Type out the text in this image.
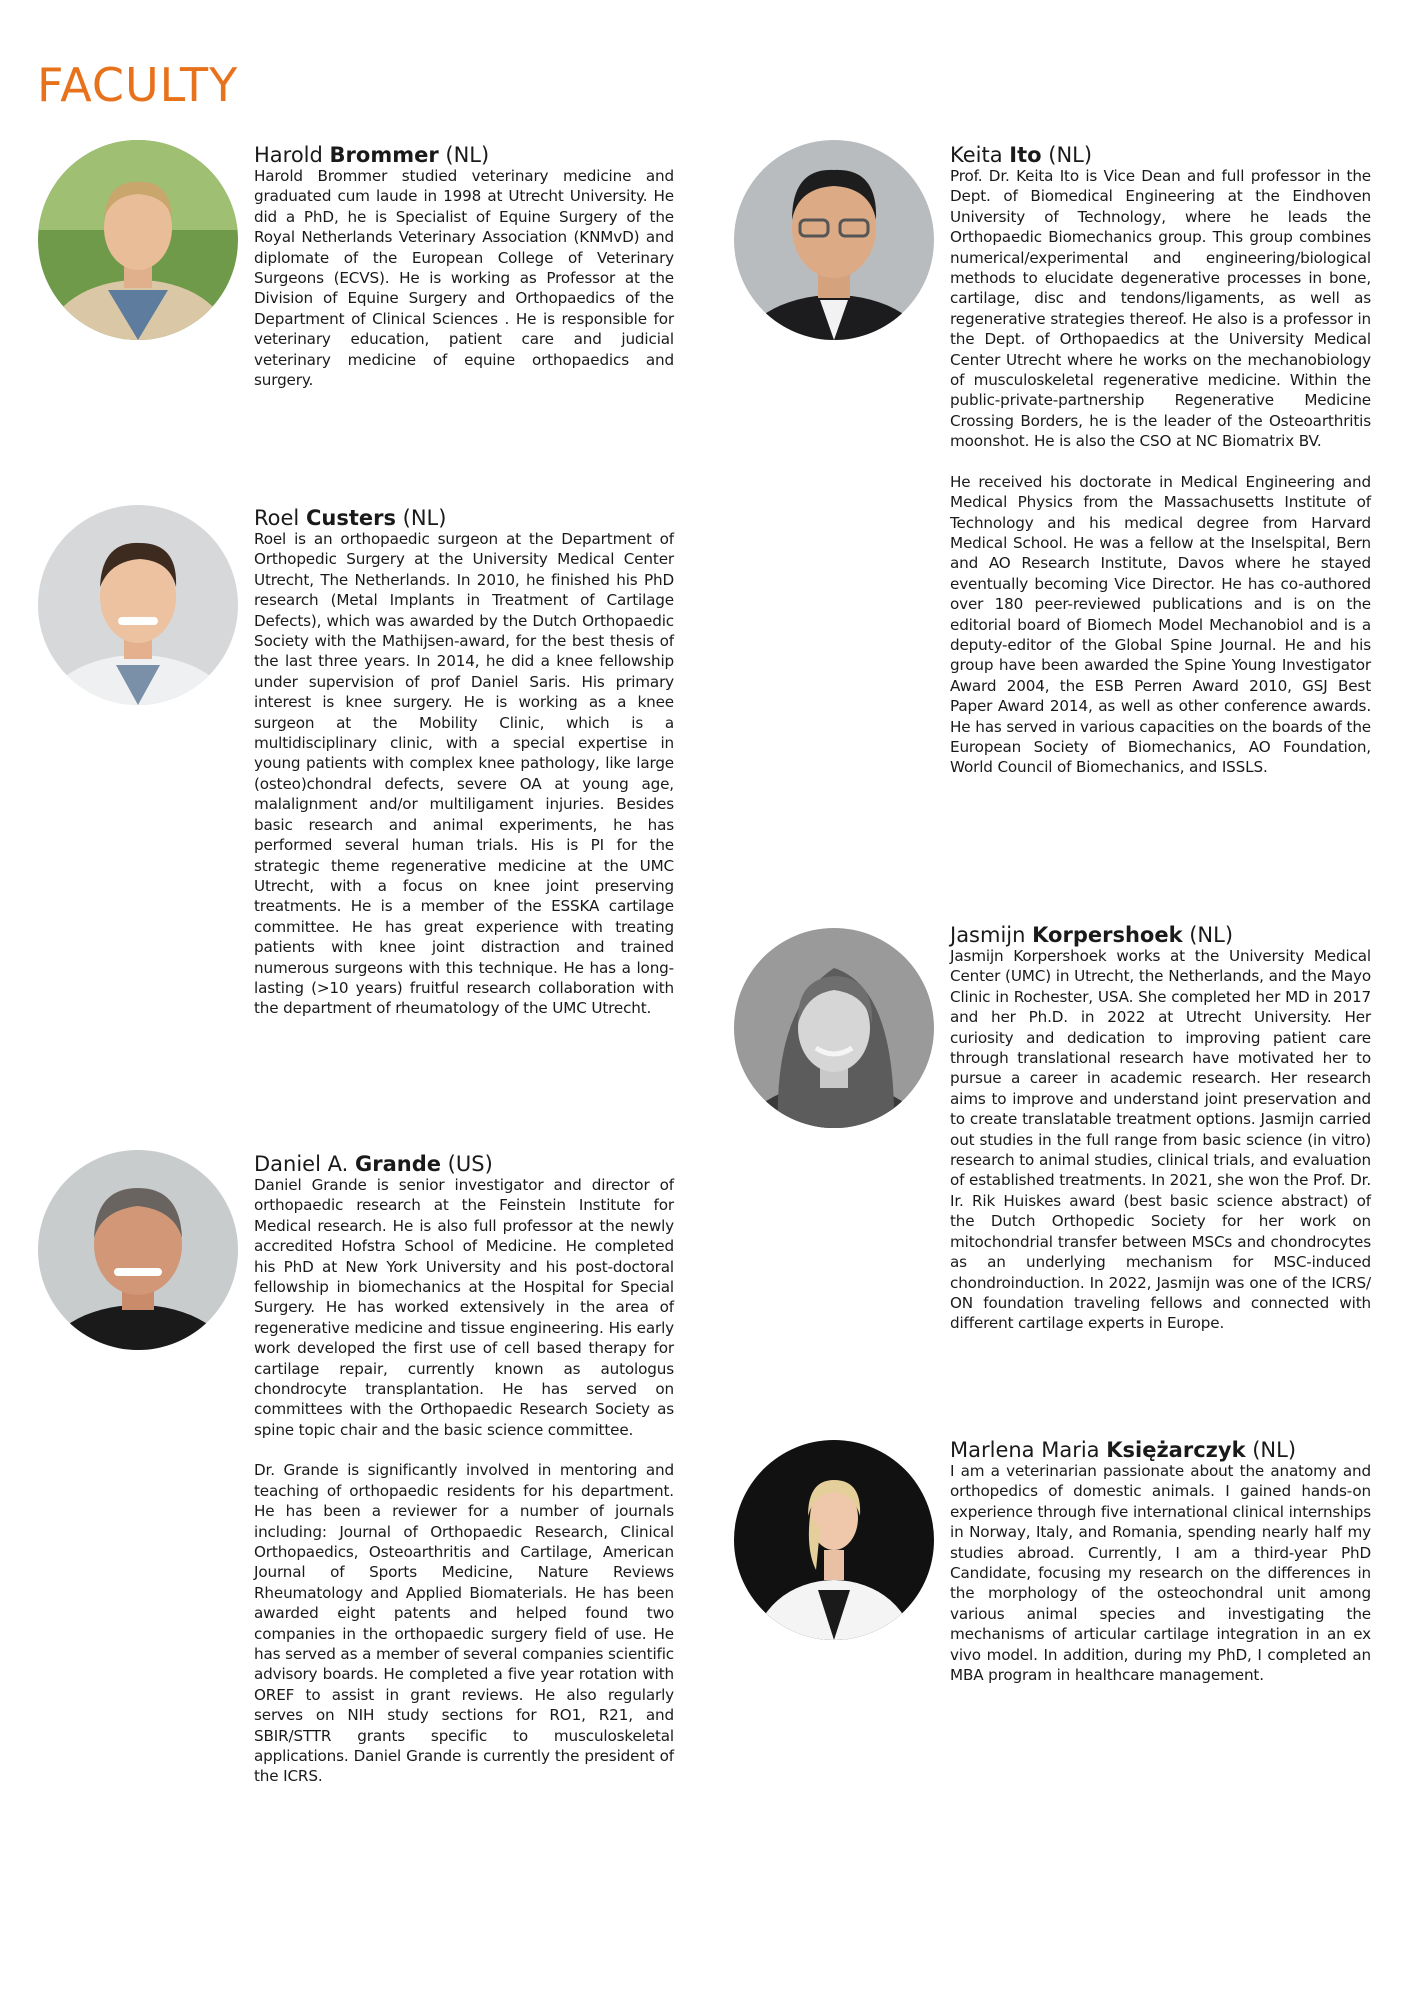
FACULTY

Harold Brommer (NL)

Harold Brommer studied veterinary medicine and graduated cum laude in 1998 at Utrecht University. He did a PhD, he is Specialist of Equine Surgery of the Royal Netherlands Veterinary Association (KNMvD) and diplomate of the European College of Veterinary Surgeons (ECVS). He is working as Professor at the Division of Equine Surgery and Orthopaedics of the Department of Clinical Sciences . He is responsible for veterinary education, patient care and judicial veterinary medicine of equine orthopaedics and surgery.

Roel Custers (NL)

Roel is an orthopaedic surgeon at the Department of Orthopedic Surgery at the University Medical Center Utrecht, The Netherlands. In 2010, he finished his PhD research (Metal Implants in Treatment of Cartilage Defects), which was awarded by the Dutch Orthopaedic Society with the Mathijsen-award, for the best thesis of the last three years. In 2014, he did a knee fellowship under supervision of prof Daniel Saris. His primary interest is knee surgery. He is working as a knee surgeon at the Mobility Clinic, which is a multidisciplinary clinic, with a special expertise in young patients with complex knee pathology, like large (osteo)chondral defects, severe OA at young age, malalignment and/or multiligament injuries. Besides basic research and animal experiments, he has performed several human trials. His is PI for the strategic theme regenerative medicine at the UMC Utrecht, with a focus on knee joint preserving treatments. He is a member of the ESSKA cartilage committee. He has great experience with treating patients with knee joint distraction and trained numerous surgeons with this technique. He has a long-lasting (>10 years) fruitful research collaboration with the department of rheumatology of the UMC Utrecht.

Daniel A. Grande (US)

Daniel Grande is senior investigator and director of orthopaedic research at the Feinstein Institute for Medical research. He is also full professor at the newly accredited Hofstra School of Medicine. He completed his PhD at New York University and his post-doctoral fellowship in biomechanics at the Hospital for Special Surgery. He has worked extensively in the area of regenerative medicine and tissue engineering. His early work developed the first use of cell based therapy for cartilage repair, currently known as autologus chondrocyte transplantation. He has served on committees with the Orthopaedic Research Society as spine topic chair and the basic science committee.

Dr. Grande is significantly involved in mentoring and teaching of orthopaedic residents for his department. He has been a reviewer for a number of journals including: Journal of Orthopaedic Research, Clinical Orthopaedics, Osteoarthritis and Cartilage, American Journal of Sports Medicine, Nature Reviews Rheumatology and Applied Biomaterials. He has been awarded eight patents and helped found two companies in the orthopaedic surgery field of use. He has served as a member of several companies scientific advisory boards. He completed a five year rotation with OREF to assist in grant reviews. He also regularly serves on NIH study sections for RO1, R21, and SBIR/STTR grants specific to musculoskeletal applications. Daniel Grande is currently the president of the ICRS.

Keita Ito (NL)

Prof. Dr. Keita Ito is Vice Dean and full professor in the Dept. of Biomedical Engineering at the Eindhoven University of Technology, where he leads the Orthopaedic Biomechanics group. This group combines numerical/experimental and engineering/biological methods to elucidate degenerative processes in bone, cartilage, disc and tendons/ligaments, as well as regenerative strategies thereof. He also is a professor in the Dept. of Orthopaedics at the University Medical Center Utrecht where he works on the mechanobiology of musculoskeletal regenerative medicine. Within the public-private-partnership Regenerative Medicine Crossing Borders, he is the leader of the Osteoarthritis moonshot. He is also the CSO at NC Biomatrix BV.

He received his doctorate in Medical Engineering and Medical Physics from the Massachusetts Institute of Technology and his medical degree from Harvard Medical School. He was a fellow at the Inselspital, Bern and AO Research Institute, Davos where he stayed eventually becoming Vice Director. He has co-authored over 180 peer-reviewed publications and is on the editorial board of Biomech Model Mechanobiol and is a deputy-editor of the Global Spine Journal. He and his group have been awarded the Spine Young Investigator Award 2004, the ESB Perren Award 2010, GSJ Best Paper Award 2014, as well as other conference awards. He has served in various capacities on the boards of the European Society of Biomechanics, AO Foundation, World Council of Biomechanics, and ISSLS.

Jasmijn Korpershoek (NL)

Jasmijn Korpershoek works at the University Medical Center (UMC) in Utrecht, the Netherlands, and the Mayo Clinic in Rochester, USA. She completed her MD in 2017 and her Ph.D. in 2022 at Utrecht University. Her curiosity and dedication to improving patient care through translational research have motivated her to pursue a career in academic research. Her research aims to improve and understand joint preservation and to create translatable treatment options. Jasmijn carried out studies in the full range from basic science (in vitro) research to animal studies, clinical trials, and evaluation of established treatments. In 2021, she won the Prof. Dr. Ir. Rik Huiskes award (best basic science abstract) of the Dutch Orthopedic Society for her work on mitochondrial transfer between MSCs and chondrocytes as an underlying mechanism for MSC-induced chondroinduction. In 2022, Jasmijn was one of the ICRS/ ON foundation traveling fellows and connected with different cartilage experts in Europe.

Marlena Maria Księżarczyk (NL)

I am a veterinarian passionate about the anatomy and orthopedics of domestic animals. I gained hands-on experience through five international clinical internships in Norway, Italy, and Romania, spending nearly half my studies abroad. Currently, I am a third-year PhD Candidate, focusing my research on the differences in the morphology of the osteochondral unit among various animal species and investigating the mechanisms of articular cartilage integration in an ex vivo model. In addition, during my PhD, I completed an MBA program in healthcare management.
